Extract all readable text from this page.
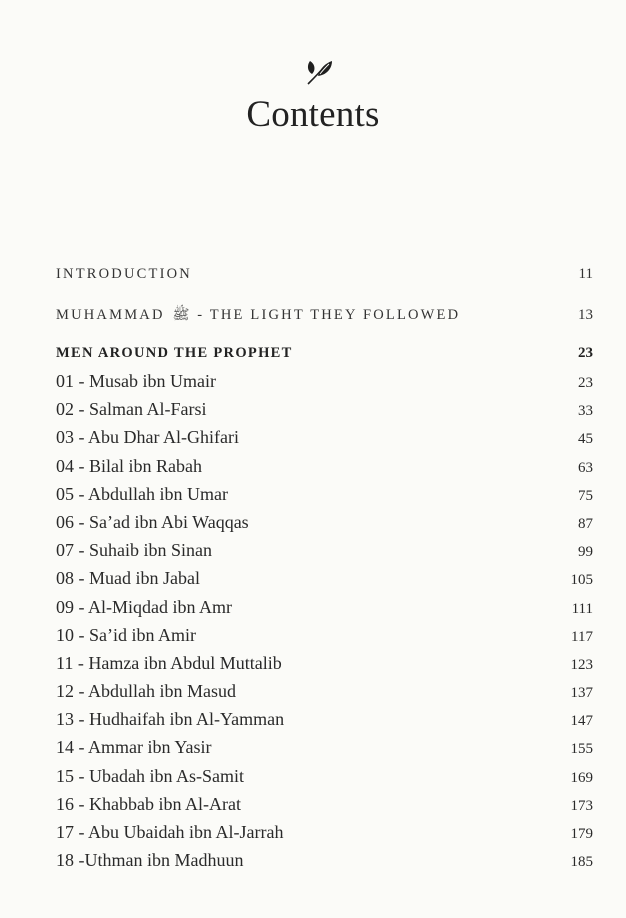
Contents
INTRODUCTION	11
MUHAMMAD ﷺ - THE LIGHT THEY FOLLOWED	13
MEN AROUND THE PROPHET	23
01 - Musab ibn Umair	23
02 - Salman Al-Farsi	33
03 - Abu Dhar Al-Ghifari	45
04 - Bilal ibn Rabah	63
05 - Abdullah ibn Umar	75
06 - Sa’ad ibn Abi Waqqas	87
07 - Suhaib ibn Sinan	99
08 - Muad ibn Jabal	105
09 - Al-Miqdad ibn Amr	111
10 - Sa’id ibn Amir	117
11 - Hamza ibn Abdul Muttalib	123
12 - Abdullah ibn Masud	137
13 - Hudhaifah ibn Al-Yamman	147
14 - Ammar ibn Yasir	155
15 - Ubadah ibn As-Samit	169
16 - Khabbab ibn Al-Arat	173
17 - Abu Ubaidah ibn Al-Jarrah	179
18 -Uthman ibn Madhuun	185
